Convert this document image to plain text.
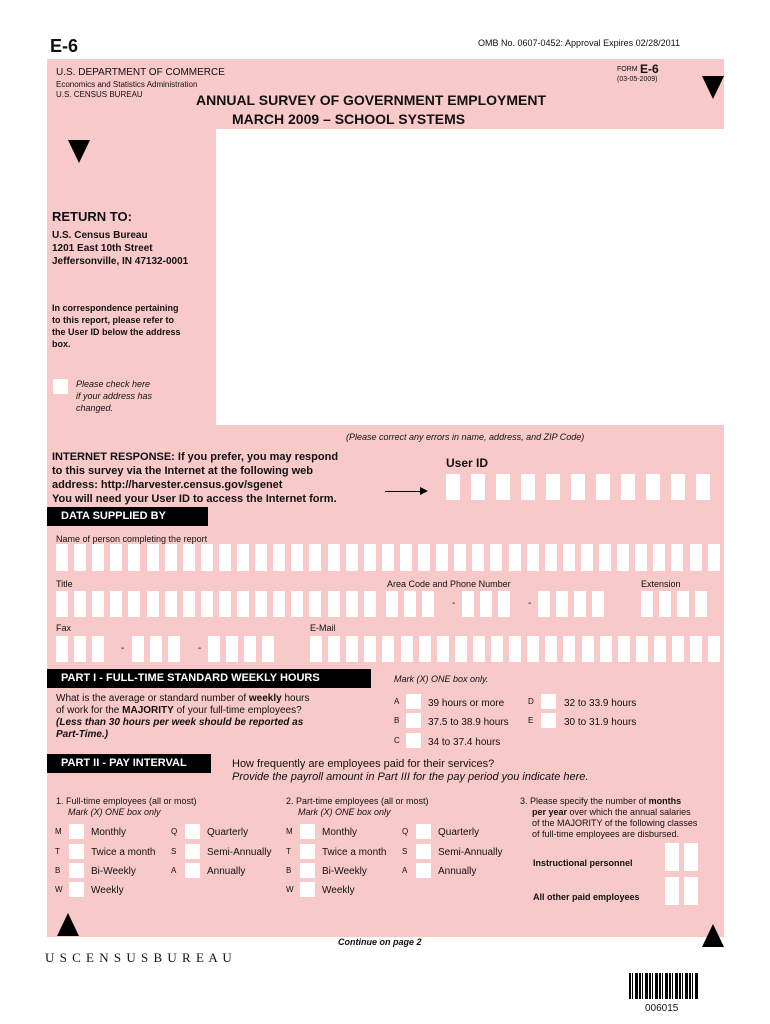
E-6	OMB No. 0607-0452: Approval Expires 02/28/2011
U.S. DEPARTMENT OF COMMERCE
Economics and Statistics Administration
U.S. CENSUS BUREAU
FORM E-6
(03-05-2009)
ANNUAL SURVEY OF GOVERNMENT EMPLOYMENT
MARCH 2009 – SCHOOL SYSTEMS
RETURN TO:
U.S. Census Bureau
1201 East 10th Street
Jeffersonville, IN 47132-0001
In correspondence pertaining
to this report, please refer to
the User ID below the address
box.
Please check here
if your address has
changed.
(Please correct any errors in name, address, and ZIP Code)
INTERNET RESPONSE: If you prefer, you may respond
to this survey via the Internet at the following web
address: http://harvester.census.gov/sgenet
You will need your User ID to access the Internet form.
User ID
DATA SUPPLIED BY
Name of person completing the report
Title	Area Code and Phone Number	Extension
-	-
Fax	E-Mail
-	-
PART I - FULL-TIME STANDARD WEEKLY HOURS	Mark (X) ONE box only.
What is the average or standard number of weekly hours
of work for the MAJORITY of your full-time employees?
(Less than 30 hours per week should be reported as
Part-Time.)
A	39 hours or more
B	37.5 to 38.9 hours
C	34 to 37.4 hours
D	32 to 33.9 hours
E	30 to 31.9 hours
PART II - PAY INTERVAL	How frequently are employees paid for their services?
Provide the payroll amount in Part III for the pay period you indicate here.
1. Full-time employees (all or most)
Mark (X) ONE box only
2. Part-time employees (all or most)
Mark (X) ONE box only
3. Please specify the number of months
per year over which the annual salaries
of the MAJORITY of the following classes
of full-time employees are disbursed.
M	Monthly
T	Twice a month
B	Bi-Weekly
W	Weekly
Q	Quarterly
S	Semi-Annually
A	Annually
M	Monthly
T	Twice a month
B	Bi-Weekly
W	Weekly
Q	Quarterly
S	Semi-Annually
A	Annually
Instructional personnel
All other paid employees
Continue on page 2
U S C E N S U S B U R E A U
006015
